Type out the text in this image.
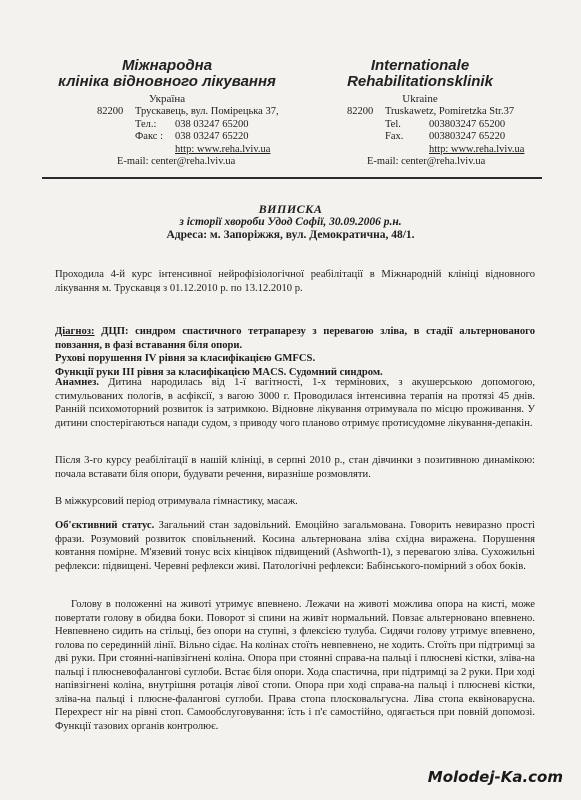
Міжнародна
клініка відновного лікування
Україна
82200 Трускавець, вул. Помірецька 37,
Тел.: 038 03247 65200
Факс : 038 03247 65220
http: www.reha.lviv.ua
E-mail: center@reha.lviv.ua
Internationale
Rehabilitationsklinik
Ukraine
82200 Truskawetz, Pomiretzka Str.37
Tel.	003803247 65200
Fax. 003803247 65220
http: www.reha.lviv.ua
E-mail: center@reha.lviv.ua
ВИПИСКА
з історії хвороби Удод Софії, 30.09.2006 р.н.
Адреса: м. Запоріжжя, вул. Демократична, 48/1.
Проходила 4-й курс інтенсивної нейрофізіологічної реабілітації в Міжнародній клініці відновного лікування м. Трускавця з 01.12.2010 р. по 13.12.2010 р.
Діагноз: ДЦП: синдром спастичного тетрапарезу з перевагою зліва, в стадії альтернованого повзання, в фазі вставання біля опори.
Рухові порушення IV рівня за класифікацією GMFCS.
Функції руки III рівня за класифікацією MACS. Судомний синдром.
Анамнез. Дитина народилась від 1-ї вагітності, 1-х термінових, з акушерською допомогою, стимульованих пологів, в асфіксії, з вагою 3000 г. Проводилася інтенсивна терапія на протязі 45 днів. Ранній психомоторний розвиток із затримкою. Відновне лікування отримувала по місцю проживання. У дитини спостерігаються напади судом, з приводу чого планово отримує протисудомне лікування-депакін.
Після 3-го курсу реабілітації в нашій клініці, в серпні 2010 р., стан дівчинки з позитивною динамікою: почала вставати біля опори, будувати речення, виразніше розмовляти.
В міжкурсовий період отримувала гімнастику, масаж.
Об'єктивний статус. Загальний стан задовільний. Емоційно загальмована. Говорить невиразно прості фрази. Розумовий розвиток сповільнений. Косина альтернована зліва східна виражена. Порушення ковтання помірне. М'язевий тонус всіх кінцівок підвищений (Ashworth-1), з перевагою зліва. Сухожильні рефлекси: підвищені. Черевні рефлекси живі. Патологічні рефлекси: Бабінського-помірний з обох боків.
Голову в положенні на животі утримує впевнено. Лежачи на животі можлива опора на кисті, може повертати голову в обидва боки. Поворот зі спини на живіт нормальний. Повзає альтерновано впевнено. Невпевнено сидить на стільці, без опори на ступні, з флексією тулуба. Сидячи голову утримує впевнено, голова по серединній лінії. Вільно сідає. На колінах стоїть невпевнено, не ходить. Стоїть при підтримці за дві руки. При стоянні-напівзігнені коліна. Опора при стоянні справа-на пальці і плюсневі кістки, зліва-на пальці і плюсневофалангові суглоби. Встає біля опори. Хода спастична, при підтримці за 2 руки. При ході напівзігнені коліна, внутрішня ротація лівої стопи. Опора при ході справа-на пальці і плюсневі кістки, зліва-на пальці і плюсне-фалангові суглоби. Права стопа плосковальгусна. Ліва стопа еквіноварусна. Перехрест ніг на рівні стоп. Самообслуговування: їсть і п'є самостійно, одягається при повній допомозі. Функції тазових органів контролює.
Molodej-Ka.com
